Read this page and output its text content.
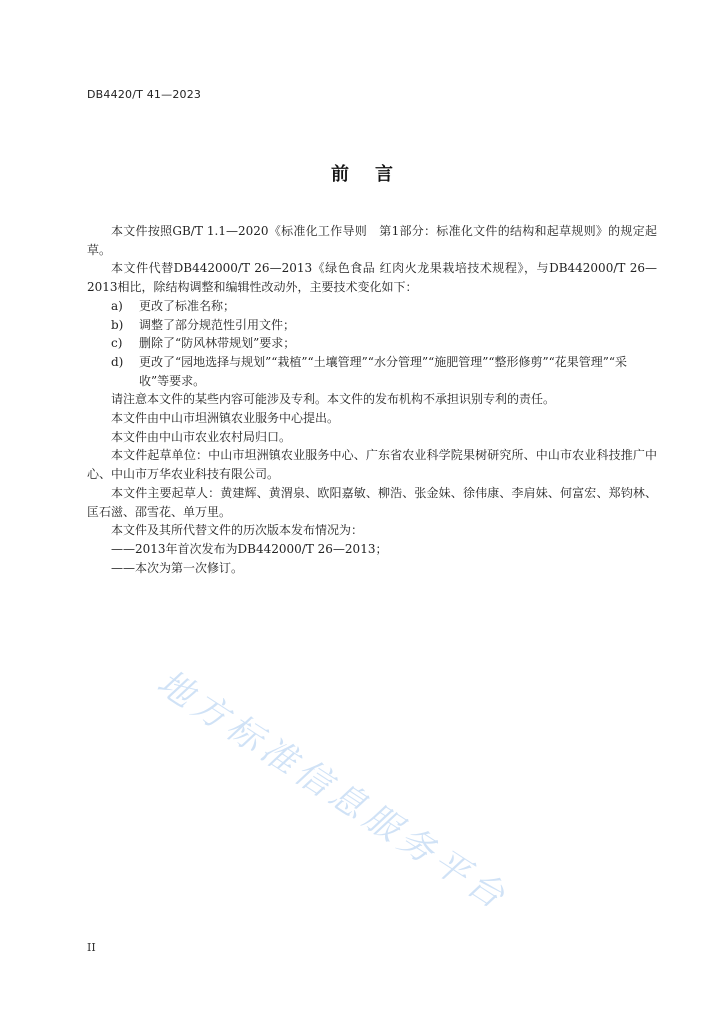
DB4420/T 41—2023
前言

本文件按照GB/T 1.1—2020《标准化工作导则　第1部分：标准化文件的结构和起草规则》的规定起草。

本文件代替DB442000/T 26—2013《绿色食品 红肉火龙果栽培技术规程》，与DB442000/T 26—2013相比，除结构调整和编辑性改动外，主要技术变化如下：

a) 更改了标准名称；
b) 调整了部分规范性引用文件；
c) 删除了“防风林带规划”要求；
d) 更改了“园地选择与规划”“栽植”“土壤管理”“水分管理”“施肥管理”“整形修剪”“花果管理”“采收”等要求。

请注意本文件的某些内容可能涉及专利。本文件的发布机构不承担识别专利的责任。

本文件由中山市坦洲镇农业服务中心提出。

本文件由中山市农业农村局归口。

本文件起草单位：中山市坦洲镇农业服务中心、广东省农业科学院果树研究所、中山市农业科技推广中心、中山市万华农业科技有限公司。

本文件主要起草人：黄建辉、黄渭泉、欧阳嘉敏、柳浩、张金妹、徐伟康、李肩妹、何富宏、郑钧林、匡石滋、邵雪花、单万里。

本文件及其所代替文件的历次版本发布情况为：

——2013年首次发布为DB442000/T 26—2013；

——本次为第一次修订。

地方标准信息服务平台
II
